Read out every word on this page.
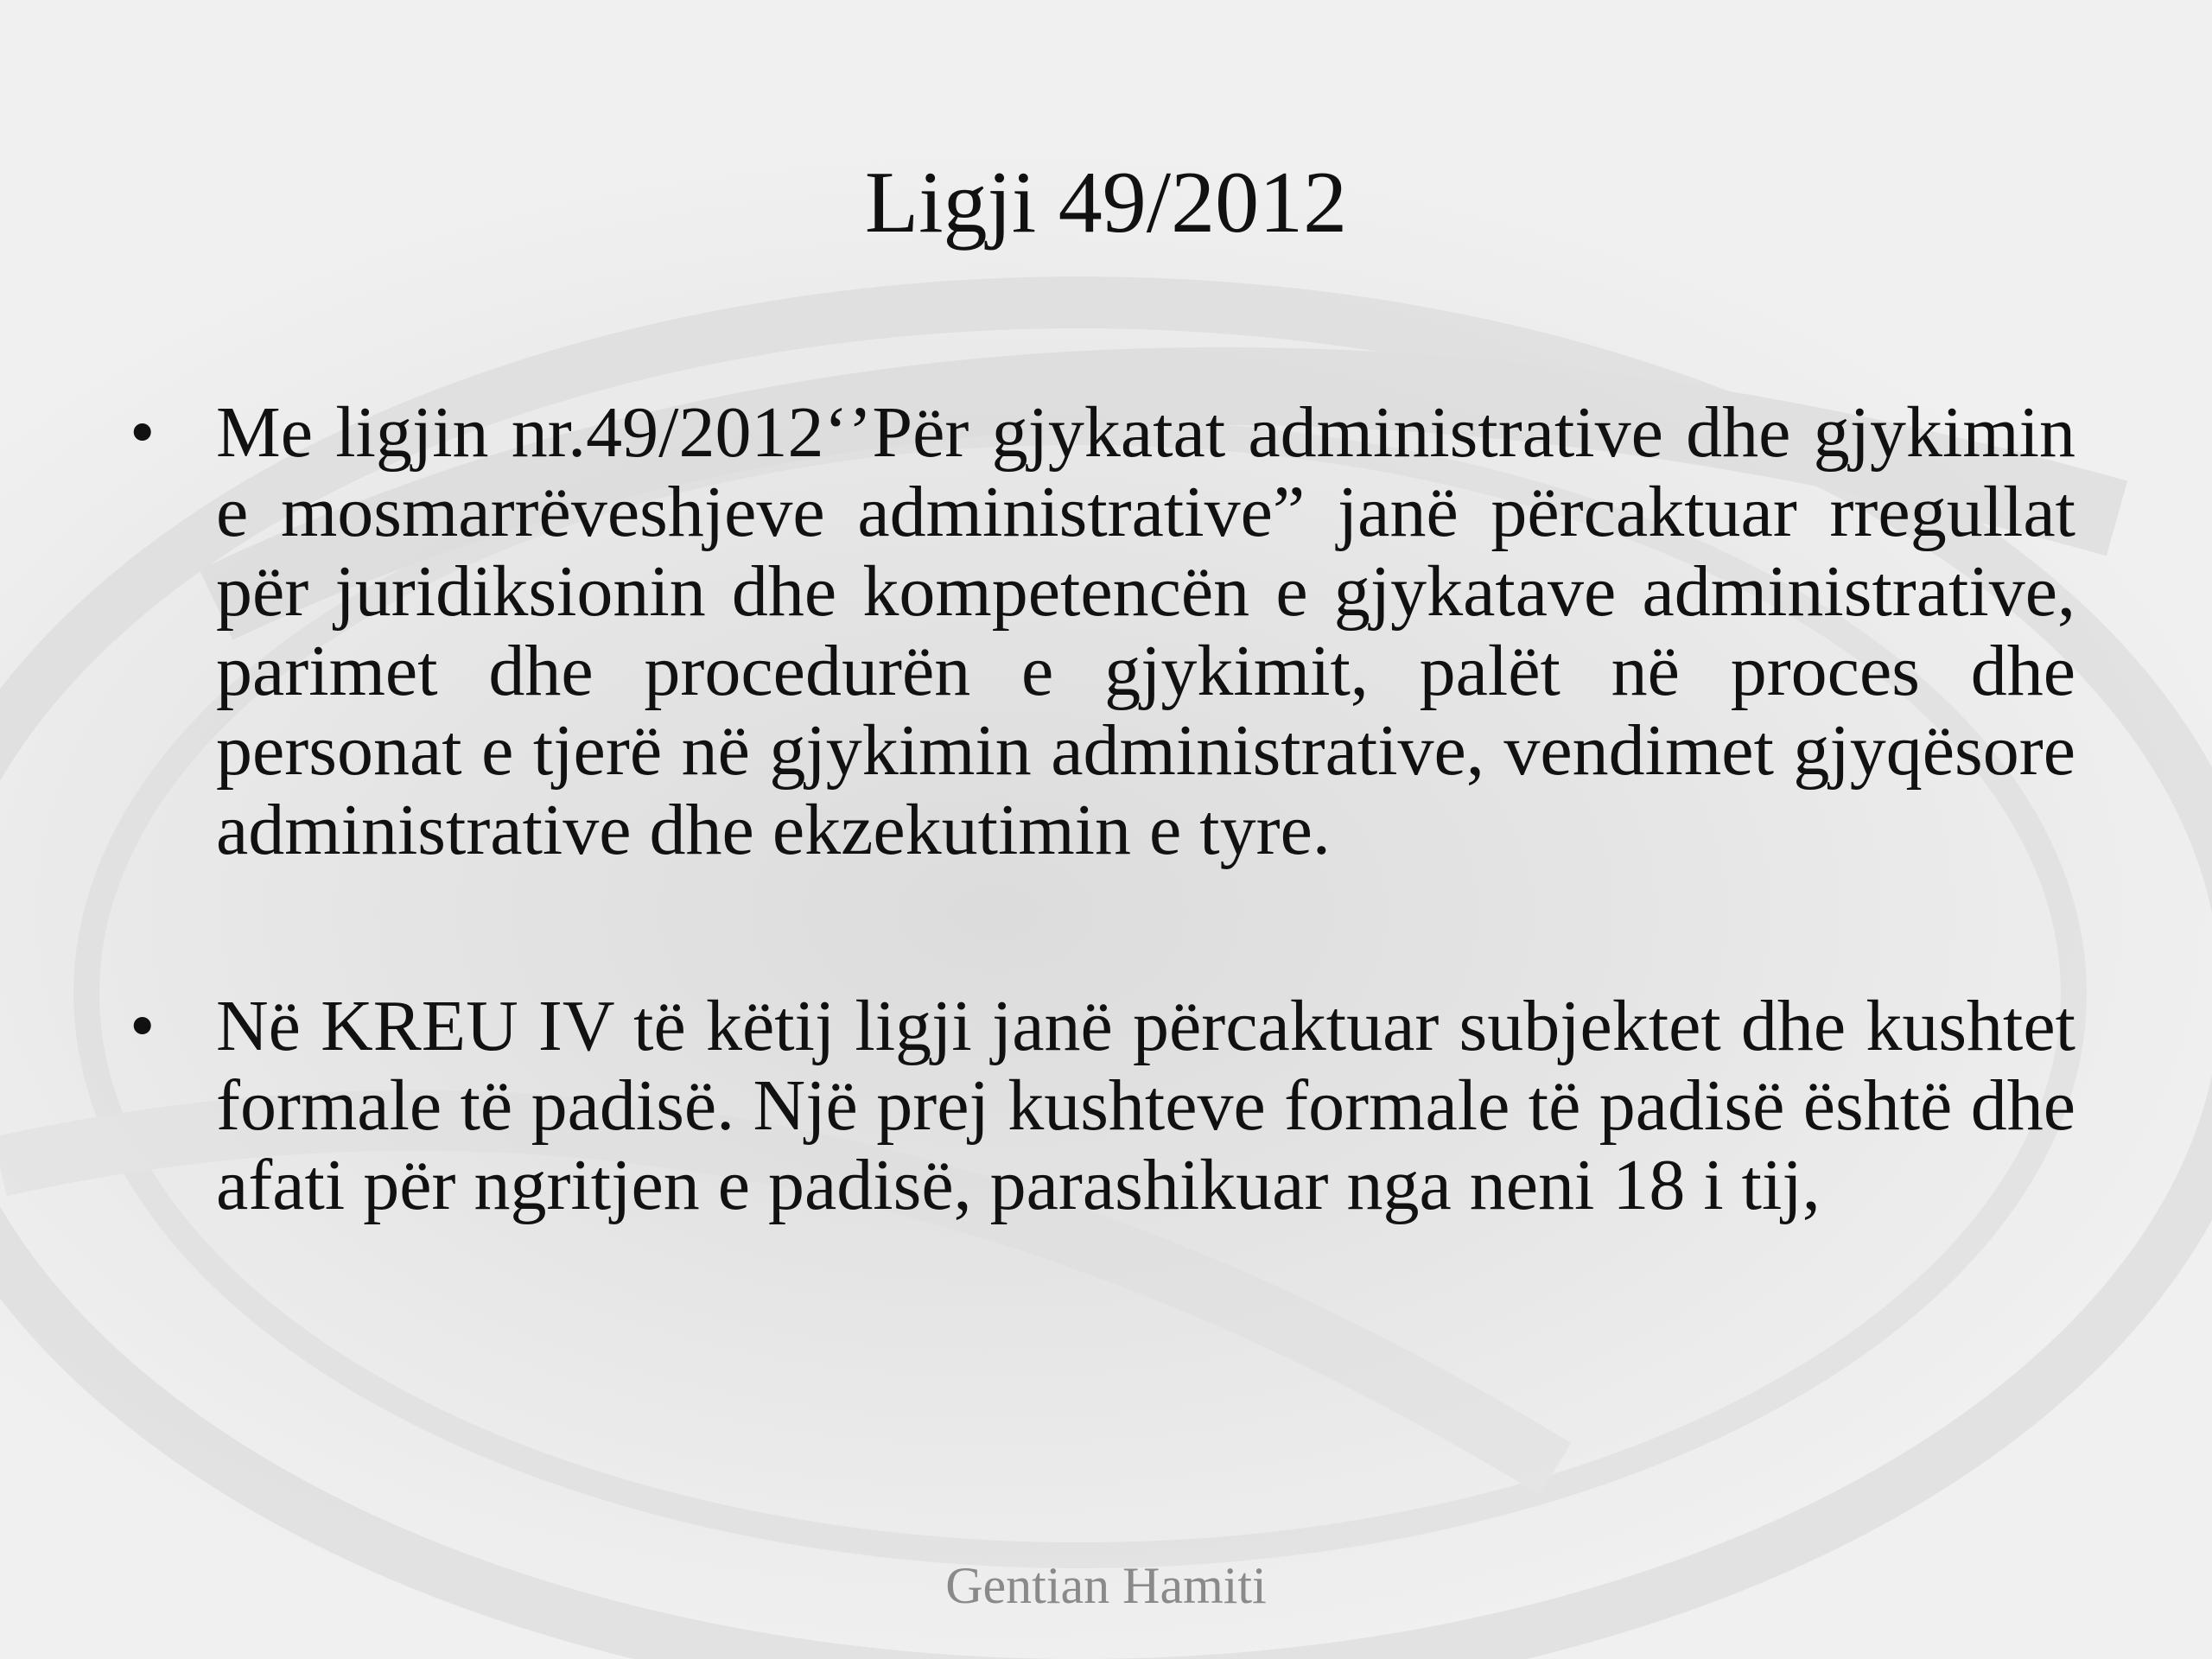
Ligji 49/2012
• Me ligjin nr.49/2012‘’Për gjykatat administrative dhe gjykimin e mosmarrëveshjeve administrative” janë përcaktuar rregullat për juridiksionin dhe kompetencën e gjykatave administrative, parimet dhe procedurën e gjykimit, palët në proces dhe personat e tjerë në gjykimin administrative, vendimet gjyqësore administrative dhe ekzekutimin e tyre.
• Në KREU IV të këtij ligji janë përcaktuar subjektet dhe kushtet formale të padisë. Një prej kushteve formale të padisë është dhe afati për ngritjen e padisë, parashikuar nga neni 18 i tij,
Gentian Hamiti
